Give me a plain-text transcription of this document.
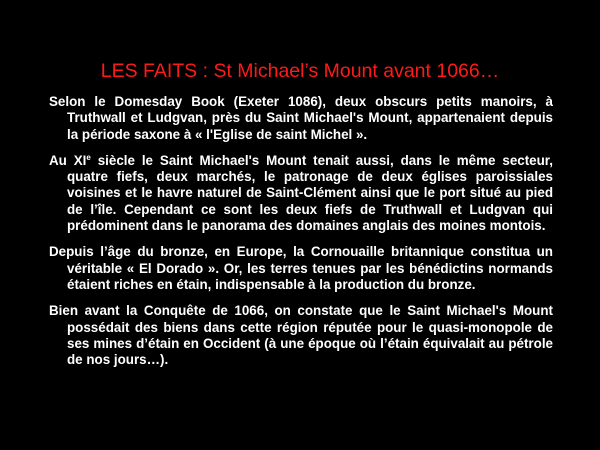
LES FAITS : St Michael’s Mount avant 1066…

Selon le Domesday Book (Exeter 1086), deux obscurs petits manoirs, à Truthwall et Ludgvan, près du Saint Michael's Mount, appartenaient depuis la période saxone à « l'Eglise de saint Michel ».

Au XIe siècle le Saint Michael's Mount tenait aussi, dans le même secteur, quatre fiefs, deux marchés, le patronage de deux églises paroissiales voisines et le havre naturel de Saint-Clément ainsi que le port situé au pied de l’île. Cependant ce sont les deux fiefs de Truthwall et Ludgvan qui prédominent dans le panorama des domaines anglais des moines montois.

Depuis l’âge du bronze, en Europe, la Cornouaille britannique constitua un véritable « El Dorado ». Or, les terres tenues par les bénédictins normands étaient riches en étain, indispensable à la production du bronze.

Bien avant la Conquête de 1066, on constate que le Saint Michael's Mount possédait des biens dans cette région réputée pour le quasi-monopole de ses mines d’étain en Occident (à une époque où l’étain équivalait au pétrole de nos jours…).
